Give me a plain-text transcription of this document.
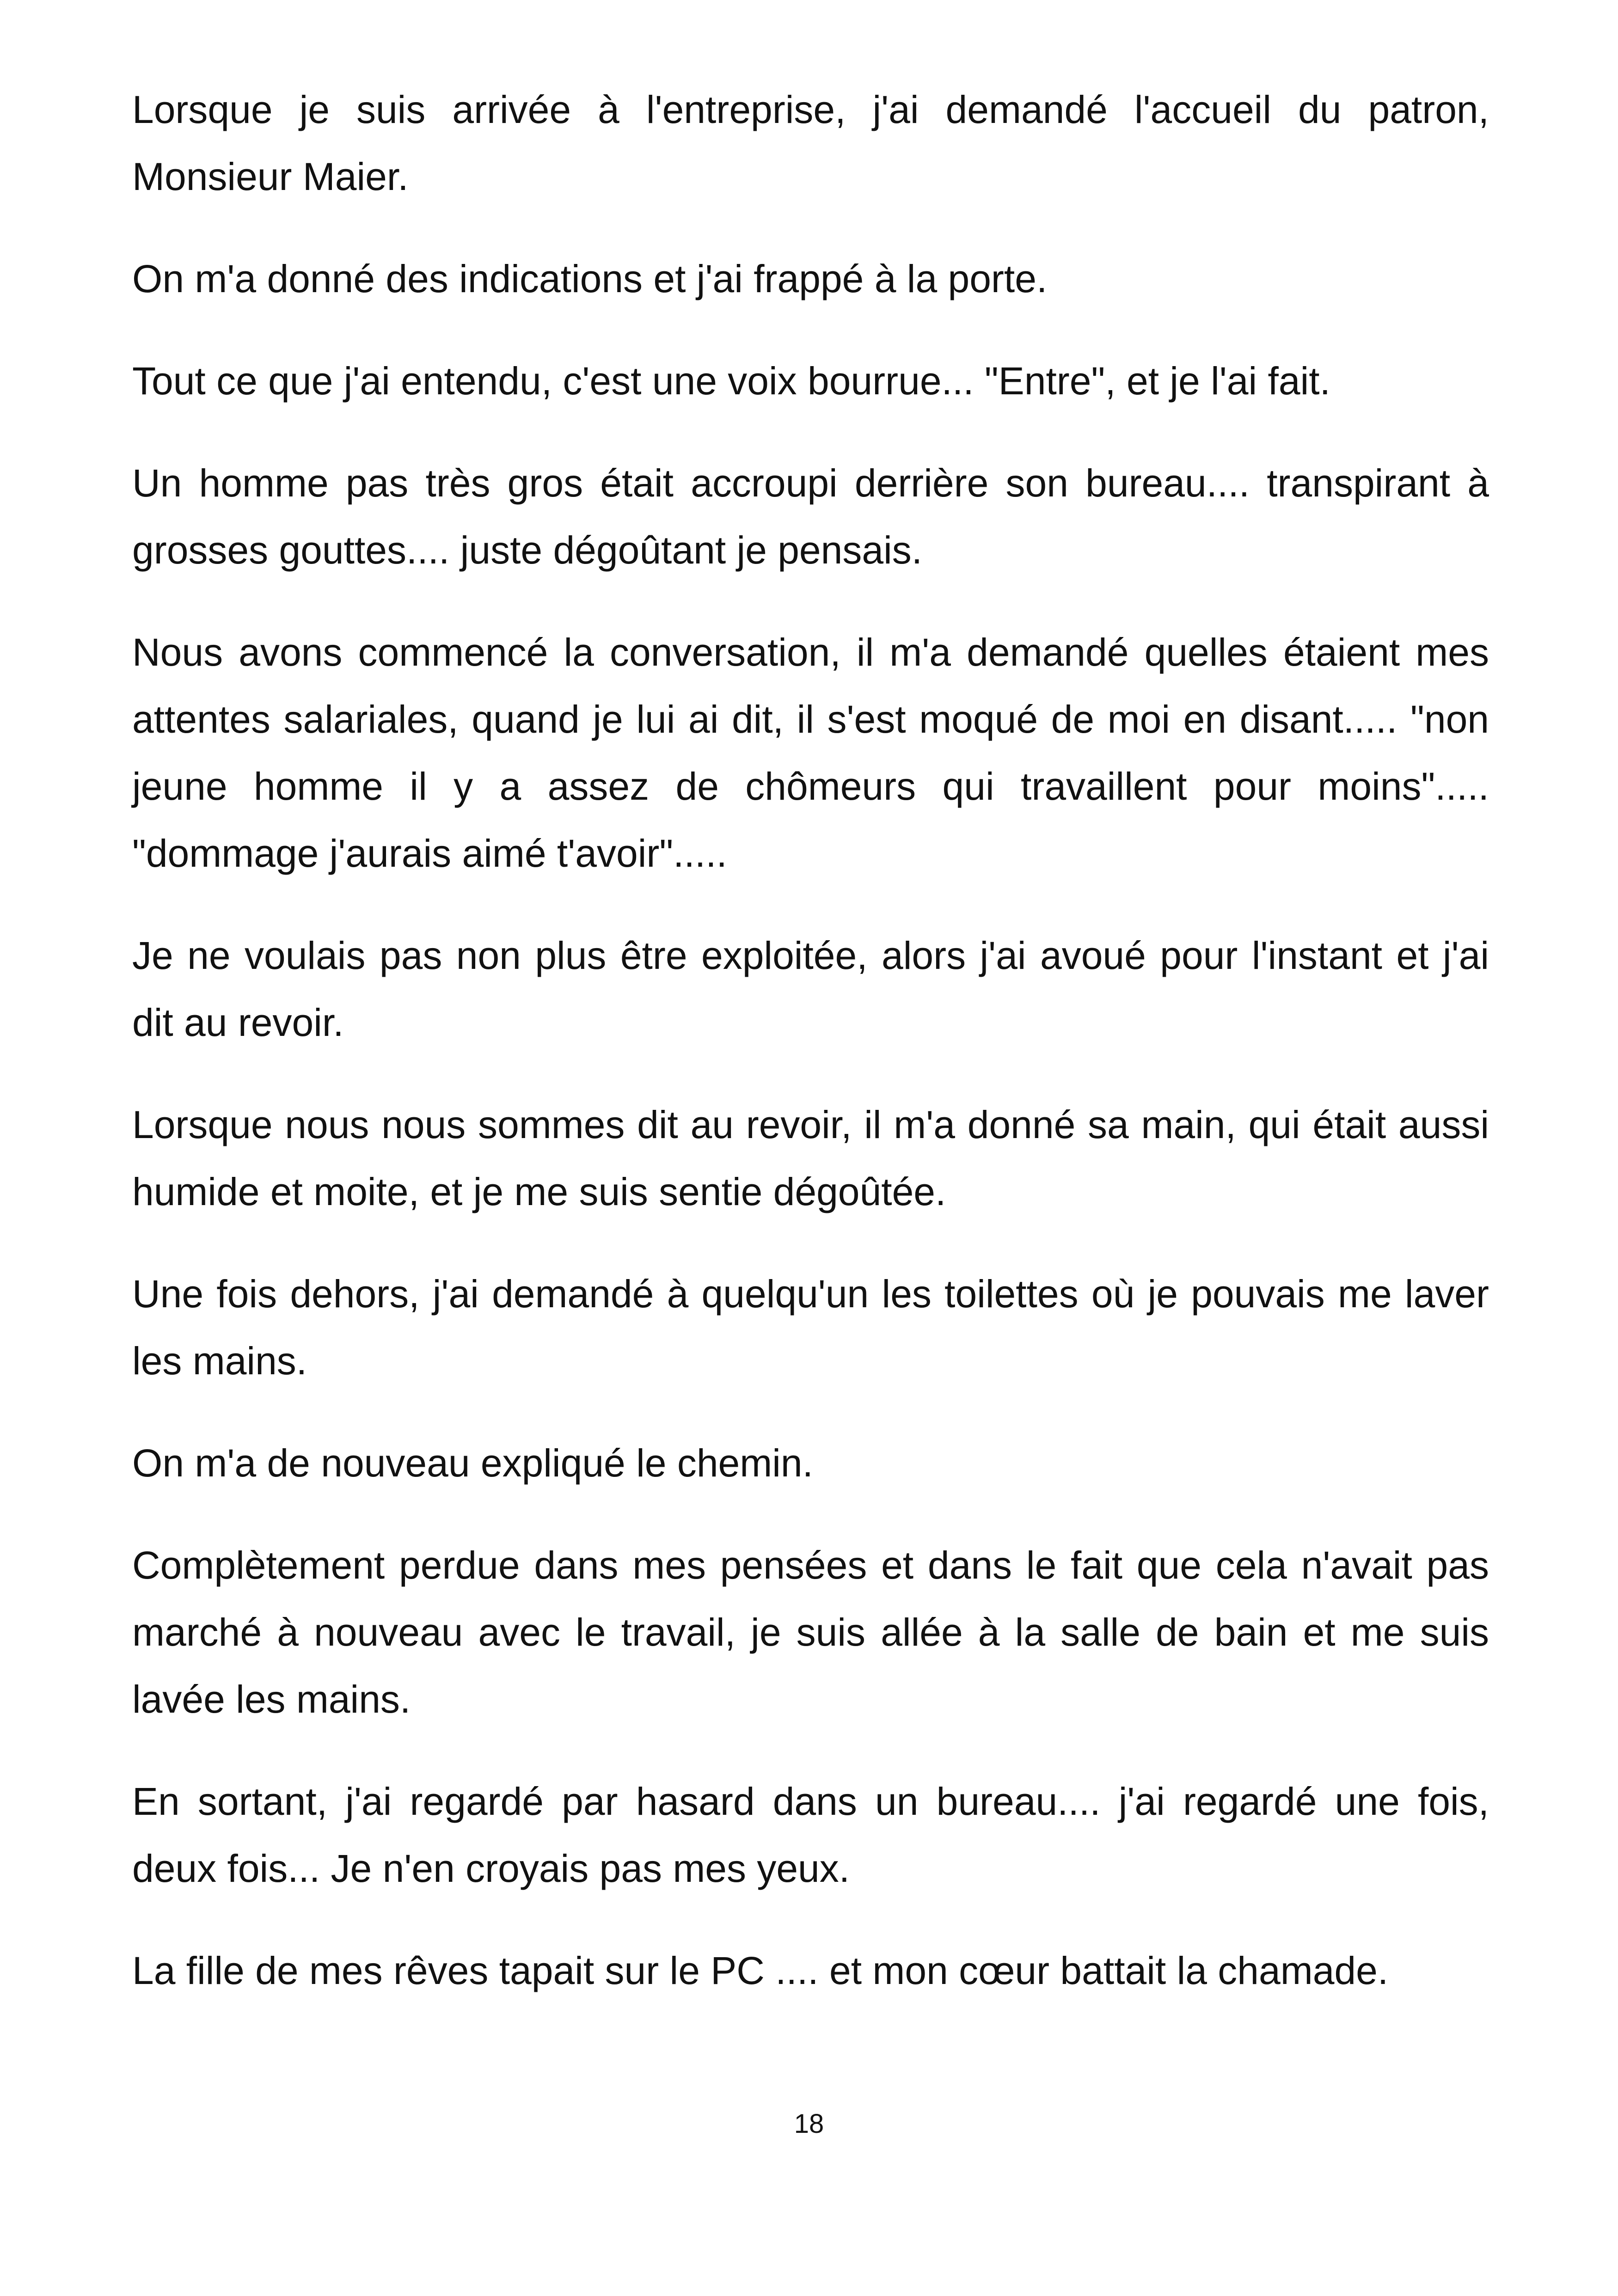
Lorsque je suis arrivée à l'entreprise, j'ai demandé l'accueil du patron, Monsieur Maier.

On m'a donné des indications et j'ai frappé à la porte.

Tout ce que j'ai entendu, c'est une voix bourrue... "Entre", et je l'ai fait.

Un homme pas très gros était accroupi derrière son bureau.... transpirant à grosses gouttes.... juste dégoûtant je pensais.

Nous avons commencé la conversation, il m'a demandé quelles étaient mes attentes salariales, quand je lui ai dit, il s'est moqué de moi en disant..... "non jeune homme il y a assez de chômeurs qui travaillent pour moins"..... "dommage j'aurais aimé t'avoir".....

Je ne voulais pas non plus être exploitée, alors j'ai avoué pour l'instant et j'ai dit au revoir.

Lorsque nous nous sommes dit au revoir, il m'a donné sa main, qui était aussi humide et moite, et je me suis sentie dégoûtée.

Une fois dehors, j'ai demandé à quelqu'un les toilettes où je pouvais me laver les mains.

On m'a de nouveau expliqué le chemin.

Complètement perdue dans mes pensées et dans le fait que cela n'avait pas marché à nouveau avec le travail, je suis allée à la salle de bain et me suis lavée les mains.

En sortant, j'ai regardé par hasard dans un bureau.... j'ai regardé une fois, deux fois... Je n'en croyais pas mes yeux.

La fille de mes rêves tapait sur le PC .... et mon cœur battait la chamade.

18
